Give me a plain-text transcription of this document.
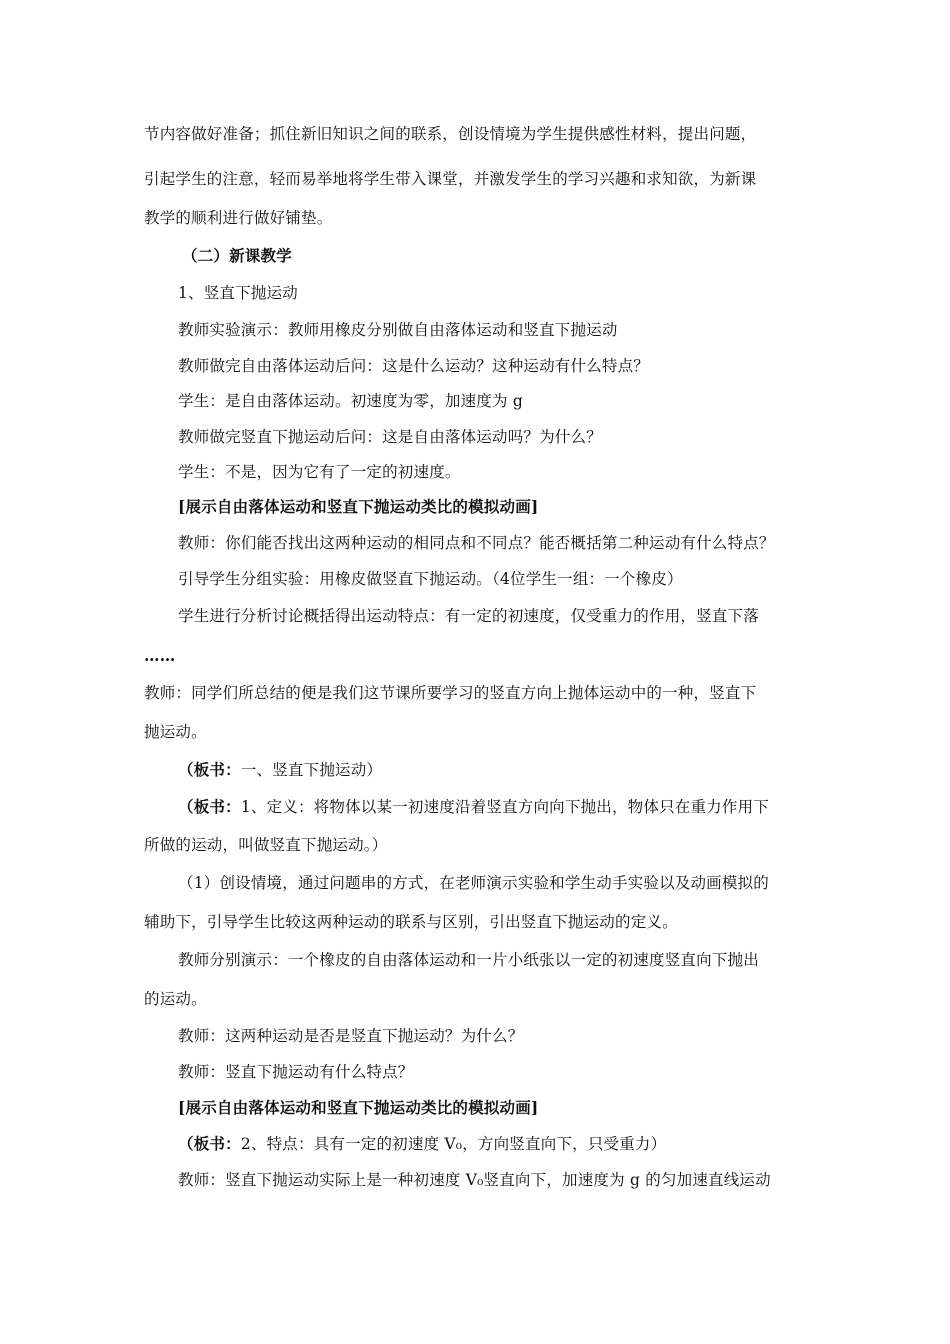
节内容做好准备；抓住新旧知识之间的联系，创设情境为学生提供感性材料，提出问题，
引起学生的注意，轻而易举地将学生带入课堂，并激发学生的学习兴趣和求知欲，为新课
教学的顺利进行做好铺垫。
（二）新课教学
1、竖直下抛运动
教师实验演示：教师用橡皮分别做自由落体运动和竖直下抛运动
教师做完自由落体运动后问：这是什么运动？这种运动有什么特点？
学生：是自由落体运动。初速度为零，加速度为 g
教师做完竖直下抛运动后问：这是自由落体运动吗？为什么？
学生：不是，因为它有了一定的初速度。
[展示自由落体运动和竖直下抛运动类比的模拟动画]
教师：你们能否找出这两种运动的相同点和不同点？能否概括第二种运动有什么特点？
引导学生分组实验：用橡皮做竖直下抛运动。（4位学生一组：一个橡皮）
学生进行分析讨论概括得出运动特点：有一定的初速度，仅受重力的作用，竖直下落
……
教师：同学们所总结的便是我们这节课所要学习的竖直方向上抛体运动中的一种，竖直下
抛运动。
（板书：一、竖直下抛运动）
（板书：1、定义：将物体以某一初速度沿着竖直方向向下抛出，物体只在重力作用下
所做的运动，叫做竖直下抛运动。）
（1）创设情境，通过问题串的方式，在老师演示实验和学生动手实验以及动画模拟的
辅助下，引导学生比较这两种运动的联系与区别，引出竖直下抛运动的定义。
教师分别演示：一个橡皮的自由落体运动和一片小纸张以一定的初速度竖直向下抛出
的运动。
教师：这两种运动是否是竖直下抛运动？为什么？
教师：竖直下抛运动有什么特点？
[展示自由落体运动和竖直下抛运动类比的模拟动画]
（板书：2、特点：具有一定的初速度 V₀，方向竖直向下，只受重力）
教师：竖直下抛运动实际上是一种初速度 V₀竖直向下，加速度为 g 的匀加速直线运动
